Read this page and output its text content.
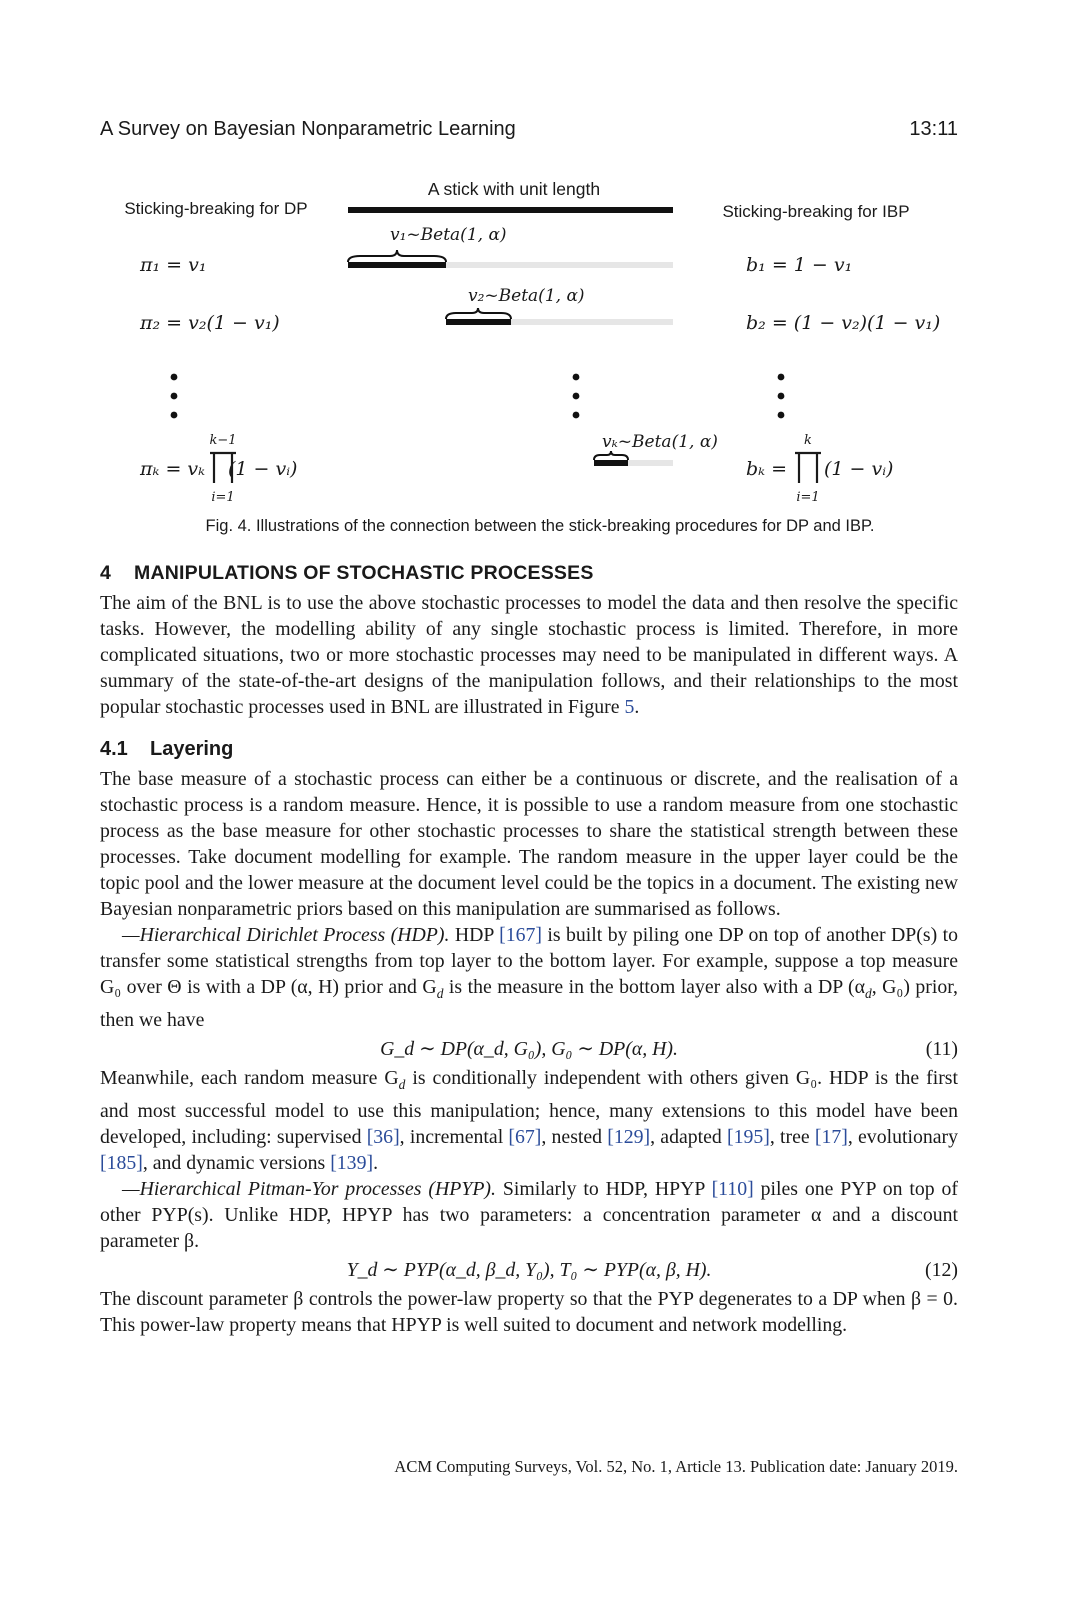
A Survey on Bayesian Nonparametric Learning	13:11
A stick with unit length
Sticking-breaking for DP	Sticking-breaking for IBP
v₁~Beta(1, α)
v₂~Beta(1, α)
vₖ~Beta(1, α)
π₁ = v₁
π₂ = v₂(1 − v₁)
πₖ = vₖ (1 − vᵢ)
k−1
i=1
b₁ = 1 − v₁
b₂ = (1 − v₂)(1 − v₁)
bₖ = (1 − vᵢ)
k
i=1
Fig. 4. Illustrations of the connection between the stick-breaking procedures for DP and IBP.
4 MANIPULATIONS OF STOCHASTIC PROCESSES

The aim of the BNL is to use the above stochastic processes to model the data and then resolve the specific tasks. However, the modelling ability of any single stochastic process is limited. Therefore, in more complicated situations, two or more stochastic processes may need to be manipulated in different ways. A summary of the state-of-the-art designs of the manipulation follows, and their relationships to the most popular stochastic processes used in BNL are illustrated in Figure 5.

4.1 Layering

The base measure of a stochastic process can either be a continuous or discrete, and the realisation of a stochastic process is a random measure. Hence, it is possible to use a random measure from one stochastic process as the base measure for other stochastic processes to share the statistical strength between these processes. Take document modelling for example. The random measure in the upper layer could be the topic pool and the lower measure at the document level could be the topics in a document. The existing new Bayesian nonparametric priors based on this manipulation are summarised as follows.

—Hierarchical Dirichlet Process (HDP). HDP [167] is built by piling one DP on top of another DP(s) to transfer some statistical strengths from top layer to the bottom layer. For example, suppose a top measure G₀ over Θ is with a DP (α, H) prior and $G_d$ is the measure in the bottom layer also with a DP ($\alpha_d$, G₀) prior, then we have

G_d ∼ DP(α_d, G₀), G₀ ∼ DP(α, H).	(11)

Meanwhile, each random measure $G_d$ is conditionally independent with others given G₀. HDP is the first and most successful model to use this manipulation; hence, many extensions to this model have been developed, including: supervised [36], incremental [67], nested [129], adapted [195], tree [17], evolutionary [185], and dynamic versions [139].

—Hierarchical Pitman-Yor processes (HPYP). Similarly to HDP, HPYP [110] piles one PYP on top of other PYP(s). Unlike HDP, HPYP has two parameters: a concentration parameter α and a discount parameter β.

Y_d ∼ PYP(α_d, β_d, Y₀), T₀ ∼ PYP(α, β, H).	(12)

The discount parameter β controls the power-law property so that the PYP degenerates to a DP when β = 0. This power-law property means that HPYP is well suited to document and network modelling.

ACM Computing Surveys, Vol. 52, No. 1, Article 13. Publication date: January 2019.
